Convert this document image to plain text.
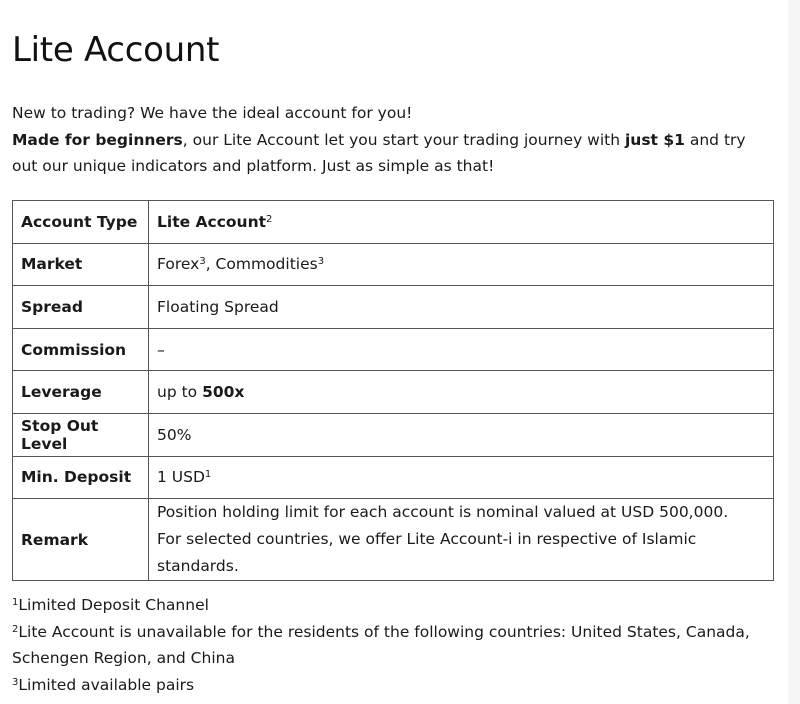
Lite Account

New to trading? We have the ideal account for you!

Made for beginners, our Lite Account let you start your trading journey with just $1 and try out our unique indicators and platform. Just as simple as that!

Account Type	Lite Account$^2$
Market	Forex$^3$, Commodities$^3$
Spread	Floating Spread
Commission	–
Leverage	up to 500x
Stop Out Level	50%
Min. Deposit	1 USD$^1$
Remark	Position holding limit for each account is nominal valued at USD 500,000.
For selected countries, we offer Lite Account-i in respective of Islamic standards.

$^1$Limited Deposit Channel

$^2$Lite Account is unavailable for the residents of the following countries: United States, Canada, Schengen Region, and China

$^3$Limited available pairs
